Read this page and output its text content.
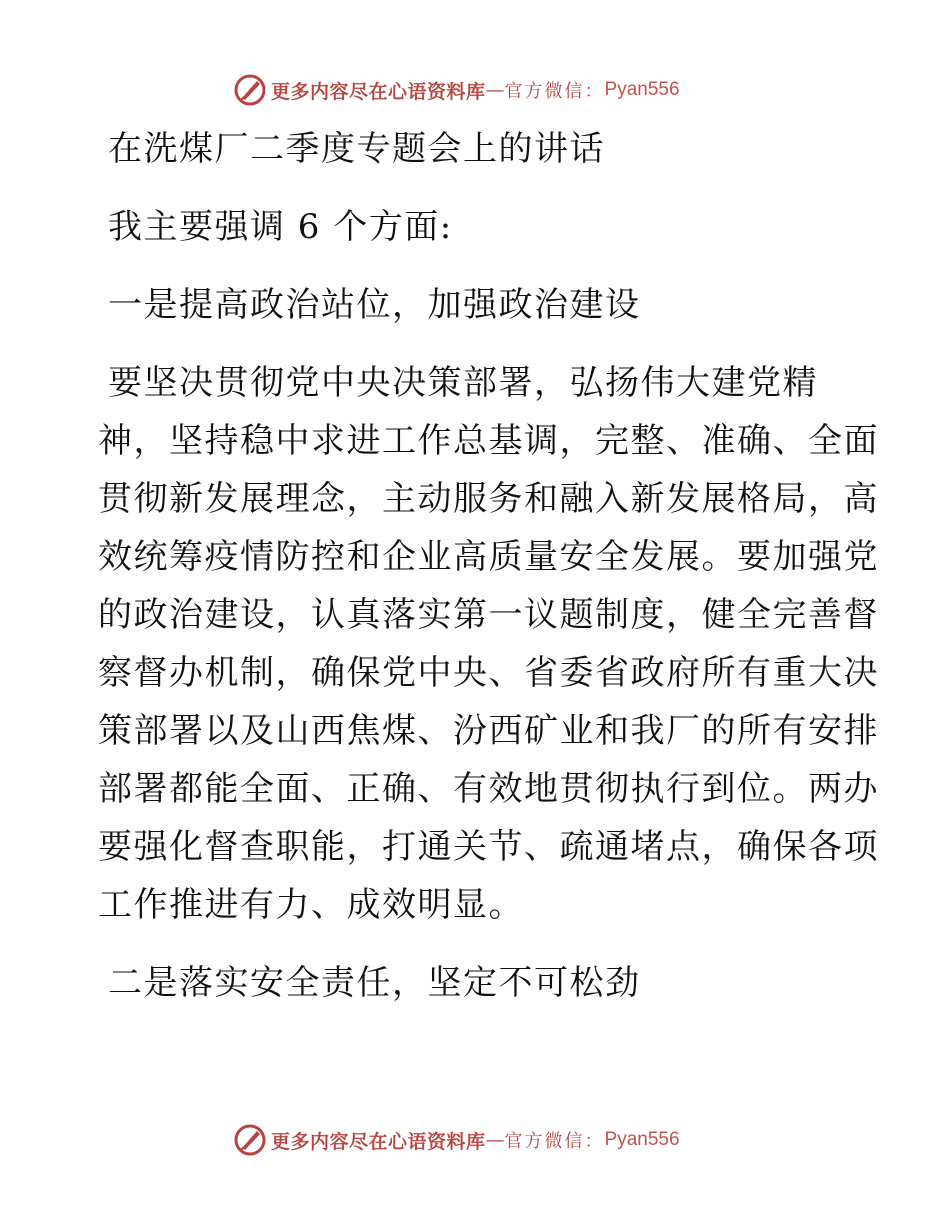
更多内容尽在心语资料库 — 官方微信： Pyan556
在洗煤厂二季度专题会上的讲话
我主要强调 6 个方面:
一是提高政治站位，加强政治建设
要坚决贯彻党中央决策部署，弘扬伟大建党精
神，坚持稳中求进工作总基调，完整、准确、全面
贯彻新发展理念，主动服务和融入新发展格局，高
效统筹疫情防控和企业高质量安全发展。要加强党
的政治建设，认真落实第一议题制度，健全完善督
察督办机制，确保党中央、省委省政府所有重大决
策部署以及山西焦煤、汾西矿业和我厂的所有安排
部署都能全面、正确、有效地贯彻执行到位。两办
要强化督查职能，打通关节、疏通堵点，确保各项
工作推进有力、成效明显。
二是落实安全责任，坚定不可松劲
更多内容尽在心语资料库 — 官方微信： Pyan556
